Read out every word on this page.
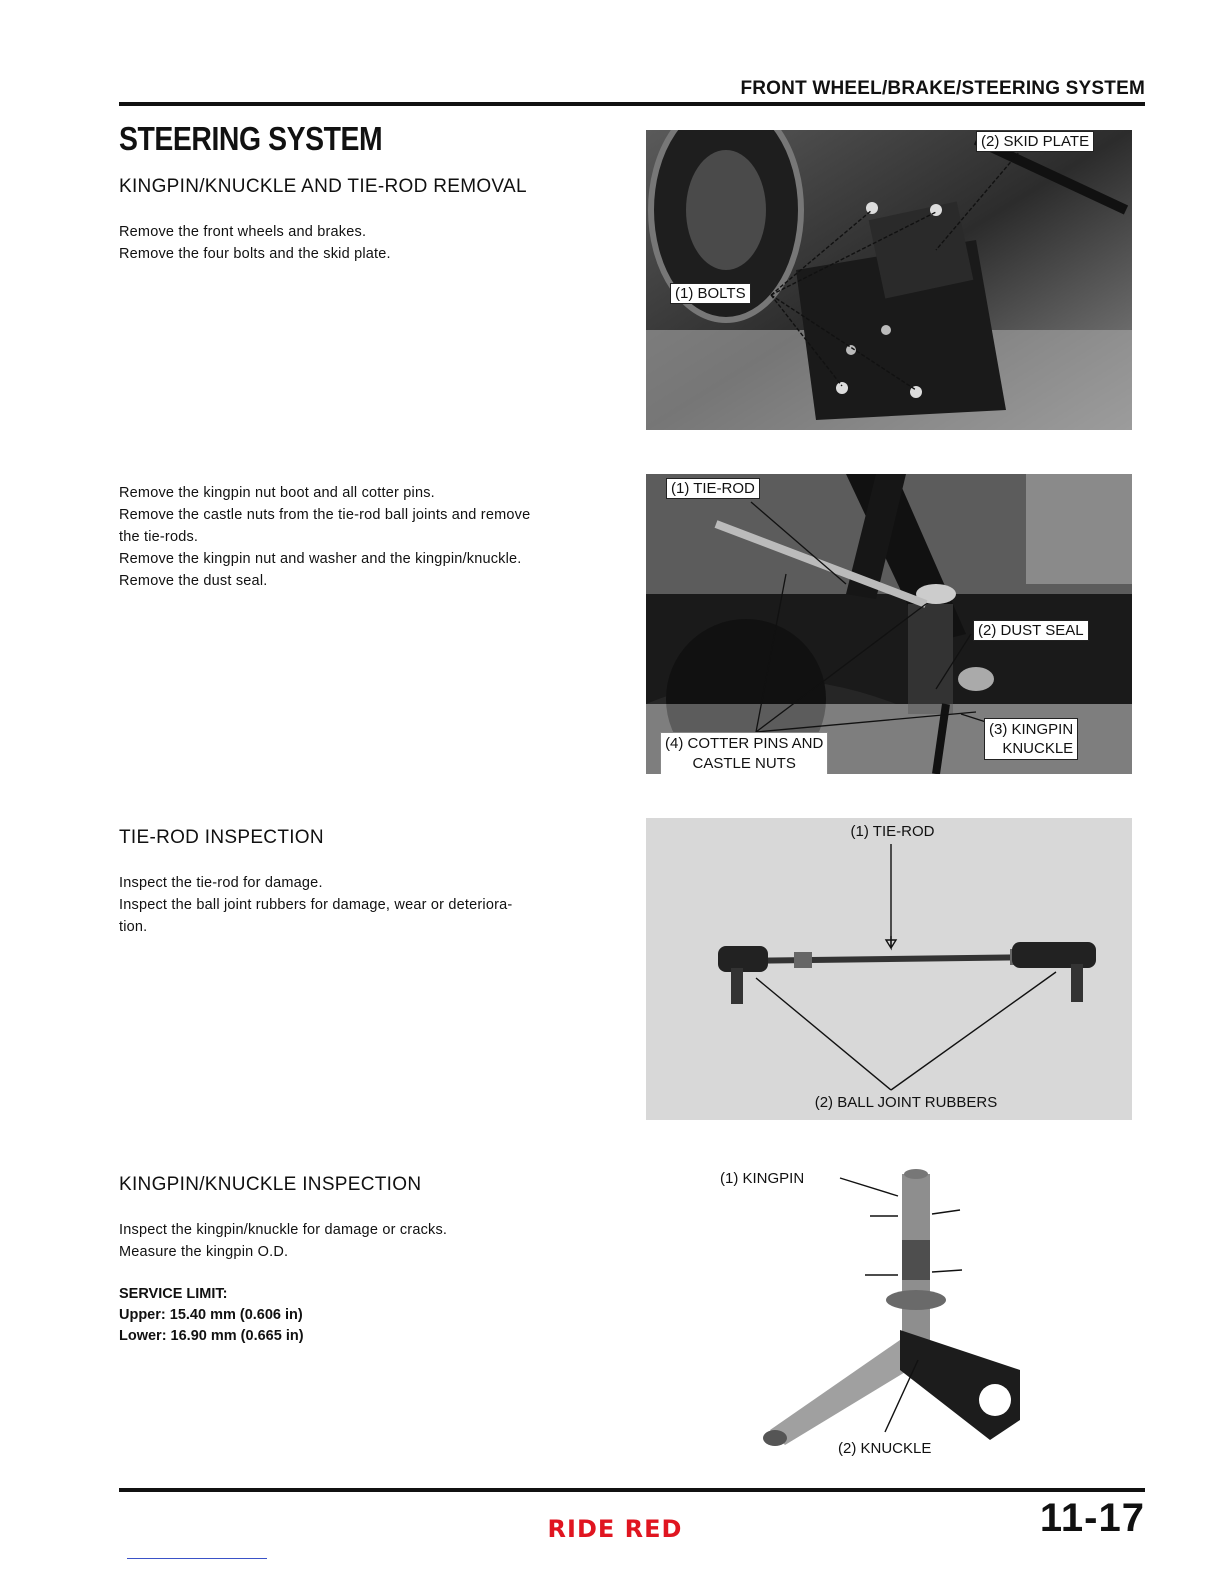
FRONT WHEEL/BRAKE/STEERING SYSTEM
STEERING SYSTEM
KINGPIN/KNUCKLE AND TIE-ROD REMOVAL

Remove the front wheels and brakes.

Remove the four bolts and the skid plate.

Remove the kingpin nut boot and all cotter pins.

Remove the castle nuts from the tie-rod ball joints and remove

the tie-rods.

Remove the kingpin nut and washer and the kingpin/knuckle.

Remove the dust seal.

TIE-ROD INSPECTION

Inspect the tie-rod for damage.

Inspect the ball joint rubbers for damage, wear or deteriora-

tion.

KINGPIN/KNUCKLE INSPECTION

Inspect the kingpin/knuckle for damage or cracks.

Measure the kingpin O.D.

SERVICE LIMIT:

Upper: 15.40 mm (0.606 in)

Lower: 16.90 mm (0.665 in)

(2) SKID PLATE
(1) BOLTS
(1) TIE-ROD
(2) DUST SEAL
(3) KINGPIN
KNUCKLE
(4) COTTER PINS AND
CASTLE NUTS
(1) TIE-ROD
(2) BALL JOINT RUBBERS
(1) KINGPIN
(2) KNUCKLE
RIDE RED	11-17
